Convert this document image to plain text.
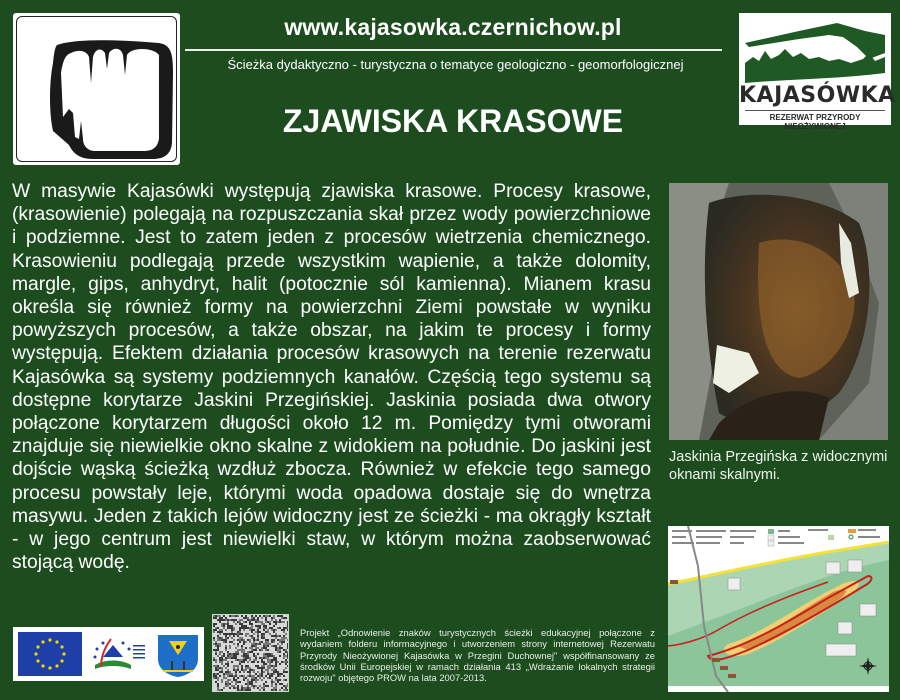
www.kajasowka.czernichow.pl
Ścieżka dydaktyczno - turystyczna o tematyce geologiczno - geomorfologicznej
ZJAWISKA KRASOWE
KAJASÓWKA
REZERWAT PRZYRODY NIEOŻYWIONEJ
W masywie Kajasówki występują zjawiska krasowe. Procesy krasowe, (krasowienie) polegają na rozpuszczania skał przez wody powierzchniowe i podziemne. Jest to zatem jeden z procesów wietrzenia chemicznego. Krasowieniu podlegają przede wszystkim wapienie, a także dolomity, margle, gips, anhydryt, halit (potocznie sól kamienna). Mianem krasu określa się również formy na powierzchni Ziemi powstałe w wyniku powyższych procesów, a także obszar, na jakim te procesy i formy występują. Efektem działania procesów krasowych na terenie rezerwatu Kajasówka są systemy podziemnych kanałów. Częścią tego systemu są dostępne korytarze Jaskini Przegińskiej. Jaskinia posiada dwa otwory połączone korytarzem długości około 12 m. Pomiędzy tymi otworami znajduje się niewielkie okno skalne z widokiem na południe. Do jaskini jest dojście wąską ścieżką wzdłuż zbocza. Również w efekcie tego samego procesu powstały leje, którymi woda opadowa dostaje się do wnętrza masywu. Jeden z takich lejów widoczny jest ze ścieżki - ma okrągły kształt - w jego centrum jest niewielki staw, w którym można zaobserwować stojącą wodę.
Jaskinia Przegińska z widocznymi oknami skalnymi.
Projekt „Odnowienie znaków turystycznych ścieżki edukacyjnej połączone z wydaniem folderu informacyjnego i utworzeniem strony internetowej Rezerwatu Przyrody Nieożywionej Kajasówka w Przegini Duchownej" współfinansowany ze środków Unii Europejskiej w ramach działania 413 „Wdrażanie lokalnych strategii rozwoju" objętego PROW na lata 2007-2013.
